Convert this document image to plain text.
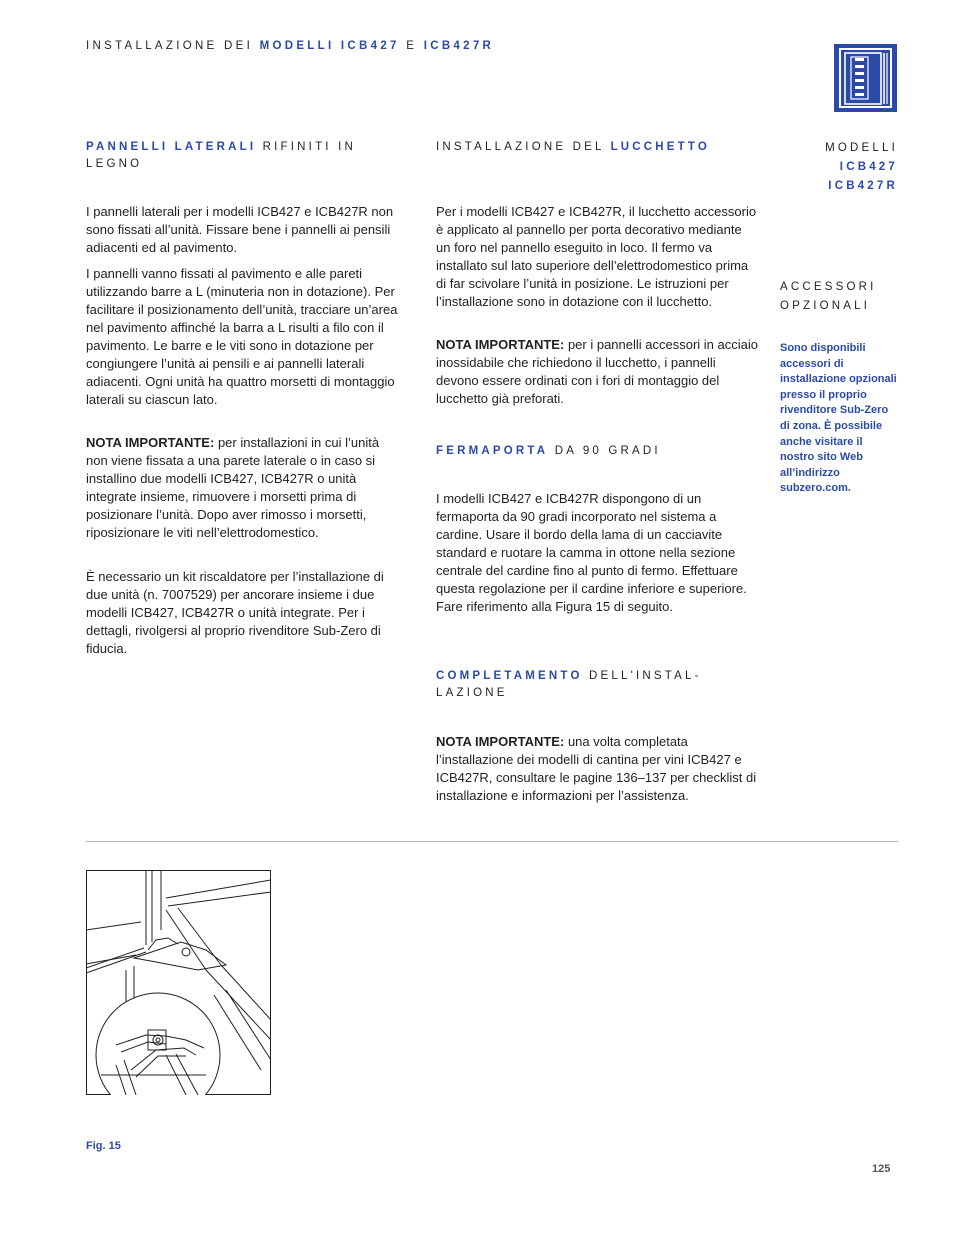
INSTALLAZIONE DEI MODELLI ICB427 E ICB427R
PANNELLI LATERALI RIFINITI IN
LEGNO

I pannelli laterali per i modelli ICB427 e ICB427R non sono fissati all’unità. Fissare bene i pannelli ai pensili adiacenti ed al pavimento.

I pannelli vanno fissati al pavimento e alle pareti utilizzando barre a L (minuteria non in dotazione). Per facilitare il posizionamento dell’unità, tracciare un’area nel pavimento affinché la barra a L risulti a filo con il pavimento. Le barre e le viti sono in dotazione per congiungere l’unità ai pensili e ai pannelli laterali adiacenti. Ogni unità ha quattro morsetti di montaggio laterali su ciascun lato.

NOTA IMPORTANTE: per installazioni in cui l’unità non viene fissata a una parete laterale o in caso si installino due modelli ICB427, ICB427R o unità integrate insieme, rimuovere i morsetti prima di posizionare l’unità. Dopo aver rimosso i morsetti, riposizionare le viti nell’elettrodomestico.

È necessario un kit riscaldatore per l’installazione di due unità (n. 7007529) per ancorare insieme i due modelli ICB427, ICB427R o unità integrate. Per i dettagli, rivolgersi al proprio rivenditore Sub-Zero di fiducia.

INSTALLAZIONE DEL LUCCHETTO

Per i modelli ICB427 e ICB427R, il lucchetto accessorio è applicato al pannello per porta decorativo mediante un foro nel pannello eseguito in loco. Il fermo va installato sul lato superiore dell’elettrodomestico prima di far scivolare l’unità in posizione. Le istruzioni per l’installazione sono in dotazione con il lucchetto.

NOTA IMPORTANTE: per i pannelli accessori in acciaio inossidabile che richiedono il lucchetto, i pannelli devono essere ordinati con i fori di montaggio del lucchetto già preforati.

FERMAPORTA DA 90 GRADI

I modelli ICB427 e ICB427R dispongono di un fermaporta da 90 gradi incorporato nel sistema a cardine. Usare il bordo della lama di un cacciavite standard e ruotare la camma in ottone nella sezione centrale del cardine fino al punto di fermo. Effettuare questa regolazione per il cardine inferiore e superiore. Fare riferimento alla Figura 15 di seguito.

COMPLETAMENTO DELL'INSTAL-
LAZIONE

NOTA IMPORTANTE: una volta completata l’installazione dei modelli di cantina per vini ICB427 e ICB427R, consultare le pagine 136–137 per checklist di installazione e informazioni per l’assistenza.

MODELLI
ICB427
ICB427R
ACCESSORI
OPZIONALI
Sono disponibili accessori di installazione opzionali presso il proprio rivenditore Sub-Zero di zona. È possibile anche visitare il nostro sito Web all’indirizzo subzero.com.
Fig. 15
125
